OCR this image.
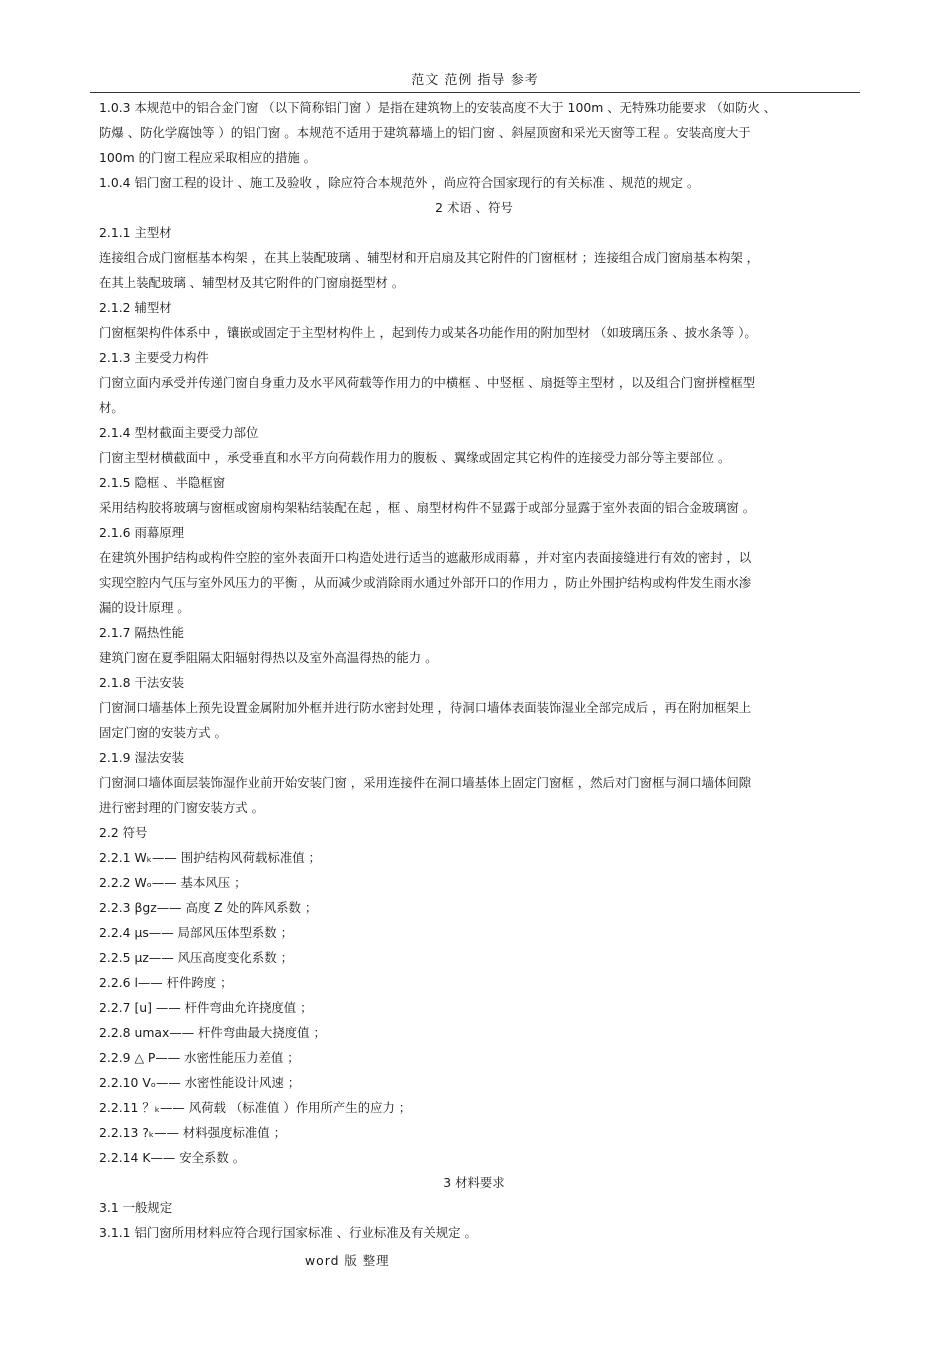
范文 范例 指导 参考
1.0.3 本规范中的铝合金门窗 （以下简称铝门窗 ）是指在建筑物上的安装高度不大于 100m 、无特殊功能要求 （如防火 、
防爆 、防化学腐蚀等 ）的铝门窗 。本规范不适用于建筑幕墙上的铝门窗 、斜屋顶窗和采光天窗等工程 。安装高度大于
100m 的门窗工程应采取相应的措施 。
1.0.4 铝门窗工程的设计 、施工及验收 ，除应符合本规范外 ，尚应符合国家现行的有关标准 、规范的规定 。
2 术语 、符号
2.1.1 主型材
连接组合成门窗框基本构架 ，在其上装配玻璃 、辅型材和开启扇及其它附件的门窗框材 ；连接组合成门窗扇基本构架 ，
在其上装配玻璃 、辅型材及其它附件的门窗扇挺型材 。
2.1.2 辅型材
门窗框架构件体系中 ，镶嵌或固定于主型材构件上 ，起到传力或某各功能作用的附加型材 （如玻璃压条 、披水条等 ）。
2.1.3 主要受力构件
门窗立面内承受并传递门窗自身重力及水平风荷载等作用力的中横框 、中竖框 、扇挺等主型材 ，以及组合门窗拼樘框型
材。
2.1.4 型材截面主要受力部位
门窗主型材横截面中 ，承受垂直和水平方向荷载作用力的腹板 、翼缘或固定其它构件的连接受力部分等主要部位 。
2.1.5 隐框 、半隐框窗
采用结构胶将玻璃与窗框或窗扇构架粘结装配在起 ，框 、扇型材构件不显露于或部分显露于室外表面的铝合金玻璃窗 。
2.1.6 雨幕原理
在建筑外围护结构或构件空腔的室外表面开口构造处进行适当的遮蔽形成雨幕 ，并对室内表面接缝进行有效的密封 ，以
实现空腔内气压与室外风压力的平衡 ，从而减少或消除雨水通过外部开口的作用力 ，防止外围护结构或构件发生雨水渗
漏的设计原理 。
2.1.7 隔热性能
建筑门窗在夏季阻隔太阳辐射得热以及室外高温得热的能力 。
2.1.8 干法安装
门窗洞口墙基体上预先设置金属附加外框并进行防水密封处理 ，待洞口墙体表面装饰湿业全部完成后 ，再在附加框架上
固定门窗的安装方式 。
2.1.9 湿法安装
门窗洞口墙体面层装饰湿作业前开始安装门窗 ，采用连接件在洞口墙基体上固定门窗框 ，然后对门窗框与洞口墙体间隙
进行密封理的门窗安装方式 。
2.2 符号
2.2.1 Wₖ—— 围护结构风荷载标准值 ；
2.2.2 Wₒ—— 基本风压 ；
2.2.3 βgz—— 高度 Z 处的阵风系数 ；
2.2.4 μs—— 局部风压体型系数 ；
2.2.5 μz—— 风压高度变化系数 ；
2.2.6 l—— 杆件跨度 ；
2.2.7 [u] —— 杆件弯曲允许挠度值 ；
2.2.8 umax—— 杆件弯曲最大挠度值 ；
2.2.9 △ P—— 水密性能压力差值 ；
2.2.10 Vₒ—— 水密性能设计风速 ；
2.2.11 ？ₖ—— 风荷载 （标准值 ）作用所产生的应力 ；
2.2.13 ?ₖ—— 材料强度标准值 ；
2.2.14 K—— 安全系数 。
3 材料要求
3.1 一般规定
3.1.1 铝门窗所用材料应符合现行国家标准 、行业标准及有关规定 。
word 版 整理
